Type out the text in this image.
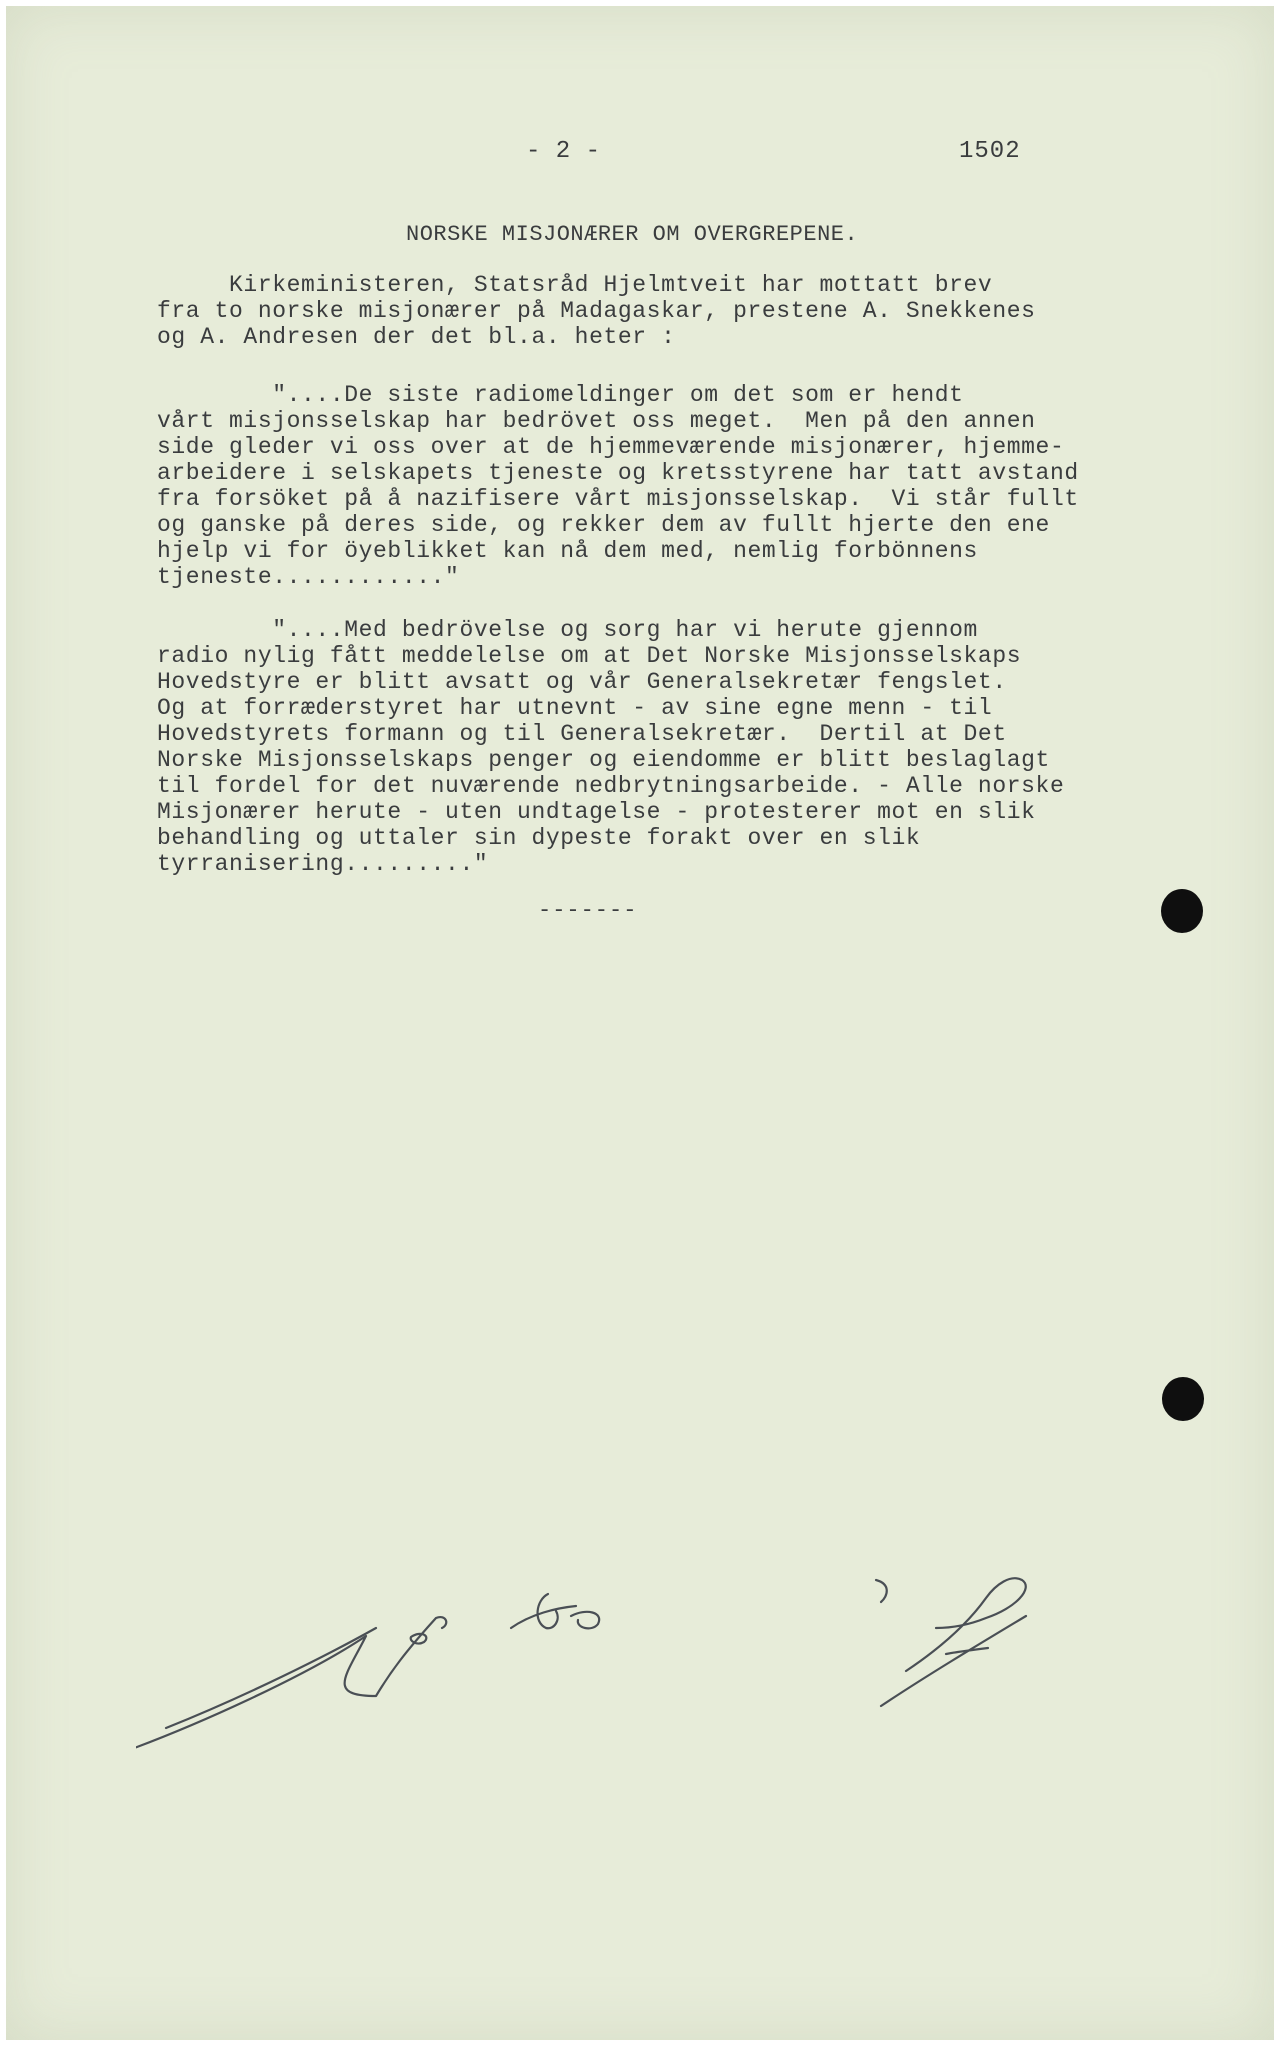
- 2 -	1502
NORSKE MISJONÆRER OM OVERGREPENE.
Kirkeministeren, Statsråd Hjelmtveit har mottatt brev
fra to norske misjonærer på Madagaskar, prestene A. Snekkenes
og A. Andresen der det bl.a. heter :
"....De siste radiomeldinger om det som er hendt
vårt misjonsselskap har bedrövet oss meget.  Men på den annen
side gleder vi oss over at de hjemmeværende misjonærer, hjemme-
arbeidere i selskapets tjeneste og kretsstyrene har tatt avstand
fra forsöket på å nazifisere vårt misjonsselskap.  Vi står fullt
og ganske på deres side, og rekker dem av fullt hjerte den ene
hjelp vi for öyeblikket kan nå dem med, nemlig forbönnens
tjeneste............"
"....Med bedrövelse og sorg har vi herute gjennom
radio nylig fått meddelelse om at Det Norske Misjonsselskaps
Hovedstyre er blitt avsatt og vår Generalsekretær fengslet.
Og at forræderstyret har utnevnt - av sine egne menn - til
Hovedstyrets formann og til Generalsekretær.  Dertil at Det
Norske Misjonsselskaps penger og eiendomme er blitt beslaglagt
til fordel for det nuværende nedbrytningsarbeide. - Alle norske
Misjonærer herute - uten undtagelse - protesterer mot en slik
behandling og uttaler sin dypeste forakt over en slik
tyrranisering........."
-------
